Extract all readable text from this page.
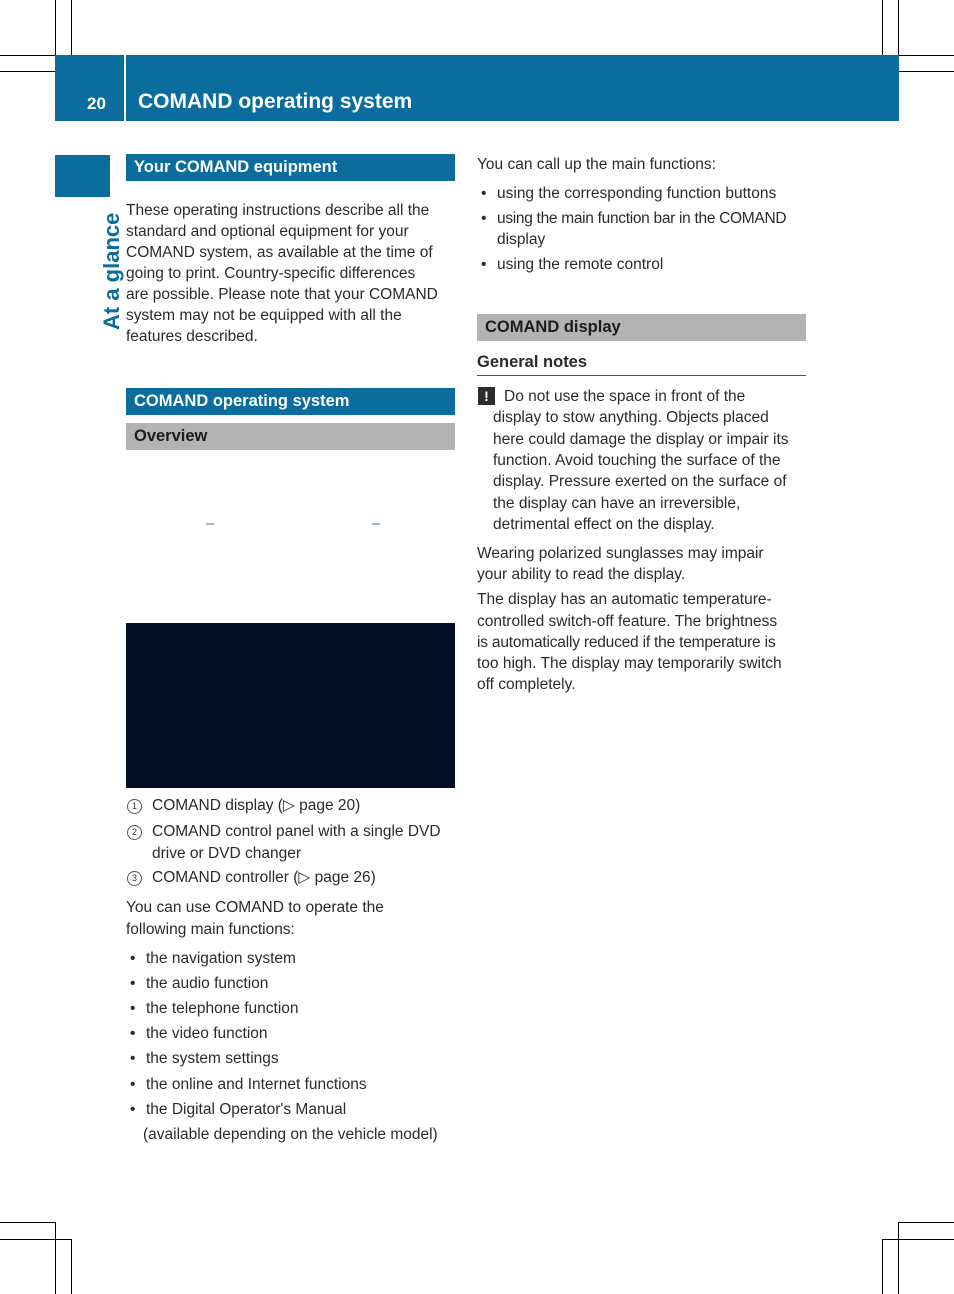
20 COMAND operating system
At a glance
Your COMAND equipment
These operating instructions describe all the
standard and optional equipment for your
COMAND system, as available at the time of
going to print. Country-specific differences
are possible. Please note that your COMAND
system may not be equipped with all the
features described.
COMAND operating system
Overview
1 COMAND display (▷ page 20)
2 COMAND control panel with a single DVD
drive or DVD changer
3 COMAND controller (▷ page 26)
You can use COMAND to operate the
following main functions:
• the navigation system
• the audio function
• the telephone function
• the video function
• the system settings
• the online and Internet functions
• the Digital Operator's Manual
(available depending on the vehicle model)
You can call up the main functions:
• using the corresponding function buttons
• using the main function bar in the COMAND
display
• using the remote control
COMAND display
General notes
! Do not use the space in front of the
display to stow anything. Objects placed
here could damage the display or impair its
function. Avoid touching the surface of the
display. Pressure exerted on the surface of
the display can have an irreversible,
detrimental effect on the display.
Wearing polarized sunglasses may impair
your ability to read the display.
The display has an automatic temperature-
controlled switch-off feature. The brightness
is automatically reduced if the temperature is
too high. The display may temporarily switch
off completely.
